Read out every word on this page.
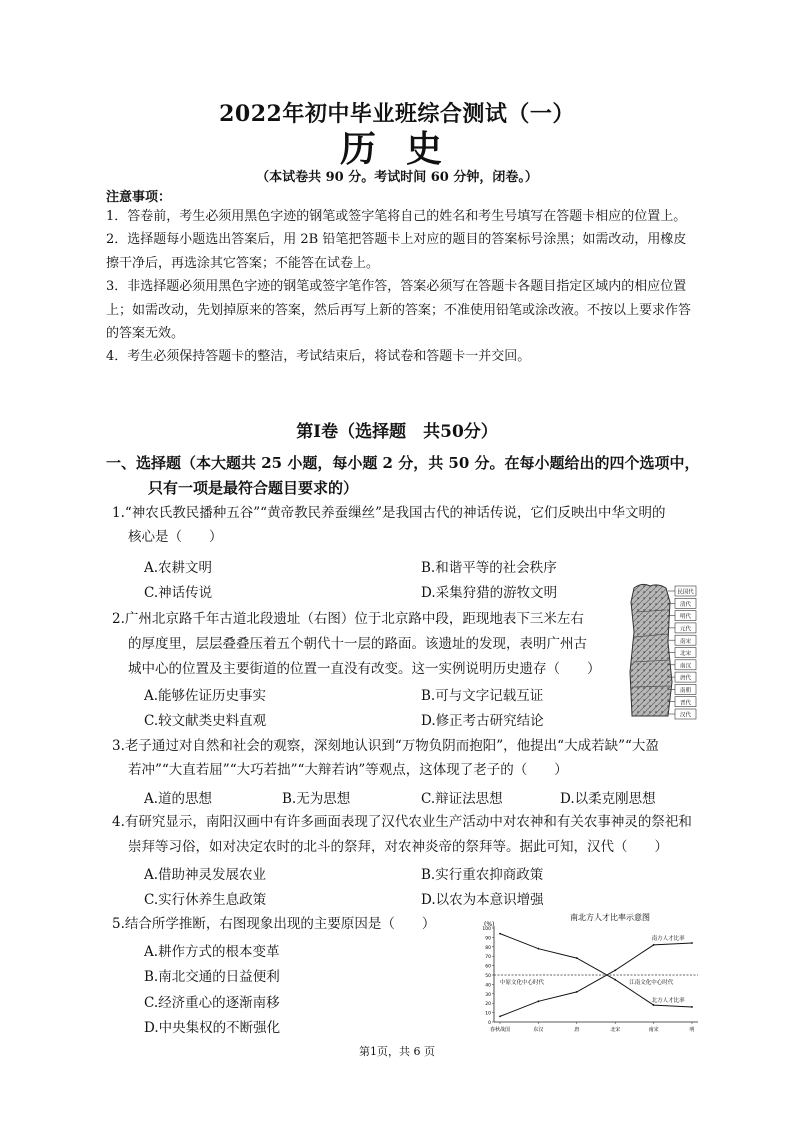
2022年初中毕业班综合测试（一）
历史
（本试卷共 90 分。考试时间 60 分钟，闭卷。）
注意事项：
1．答卷前，考生必须用黑色字迹的钢笔或签字笔将自己的姓名和考生号填写在答题卡相应的位置上。
2．选择题每小题选出答案后，用 2B 铅笔把答题卡上对应的题目的答案标号涂黑；如需改动，用橡皮擦干净后，再选涂其它答案；不能答在试卷上。
3．非选择题必须用黑色字迹的钢笔或签字笔作答，答案必须写在答题卡各题目指定区域内的相应位置上；如需改动，先划掉原来的答案，然后再写上新的答案；不准使用铅笔或涂改液。不按以上要求作答的答案无效。
4．考生必须保持答题卡的整洁，考试结束后，将试卷和答题卡一并交回。
第Ⅰ卷（选择题　共50分）
一、选择题（本大题共 25 小题，每小题 2 分，共 50 分。在每小题给出的四个选项中，
只有一项是最符合题目要求的）
1.“神农氏教民播种五谷”“黄帝教民养蚕缫丝”是我国古代的神话传说，它们反映出中华文明的
核心是（　　）
A.农耕文明	B.和谐平等的社会秩序
C.神话传说	D.采集狩猎的游牧文明
2.广州北京路千年古道北段遗址（右图）位于北京路中段，距现地表下三米左右
的厚度里，层层叠叠压着五个朝代十一层的路面。该遗址的发现，表明广州古
城中心的位置及主要街道的位置一直没有改变。这一实例说明历史遗存（　　）
A.能够佐证历史事实	B.可与文字记载互证
C.较文献类史料直观	D.修正考古研究结论
民国代
清代
明代
元代
南宋
北宋
南汉
唐代
南朝
晋代
汉代
3.老子通过对自然和社会的观察，深刻地认识到“万物负阴而抱阳”，他提出“大成若缺”“大盈
若冲”“大直若屈”“大巧若拙”“大辩若讷”等观点，这体现了老子的（　　）
A.道的思想	B.无为思想	C.辩证法思想	D.以柔克刚思想
4.有研究显示，南阳汉画中有许多画面表现了汉代农业生产活动中对农神和有关农事神灵的祭祀和
崇拜等习俗，如对决定农时的北斗的祭拜，对农神炎帝的祭拜等。据此可知，汉代（　　）
A.借助神灵发展农业	B.实行重农抑商政策
C.实行休养生息政策	D.以农为本意识增强
5.结合所学推断，右图现象出现的主要原因是（　　）
A.耕作方式的根本变革
B.南北交通的日益便利
C.经济重心的逐渐南移
D.中央集权的不断强化
南北方人才比率示意图
(%)
0
10
20
30
40
50
60
70
80
90
100
春秋战国	东汉	唐	北宋	南宋	明
南方人才比率
北方人才比率
中原文化中心时代	江南文化中心时代
第1页，共 6 页
